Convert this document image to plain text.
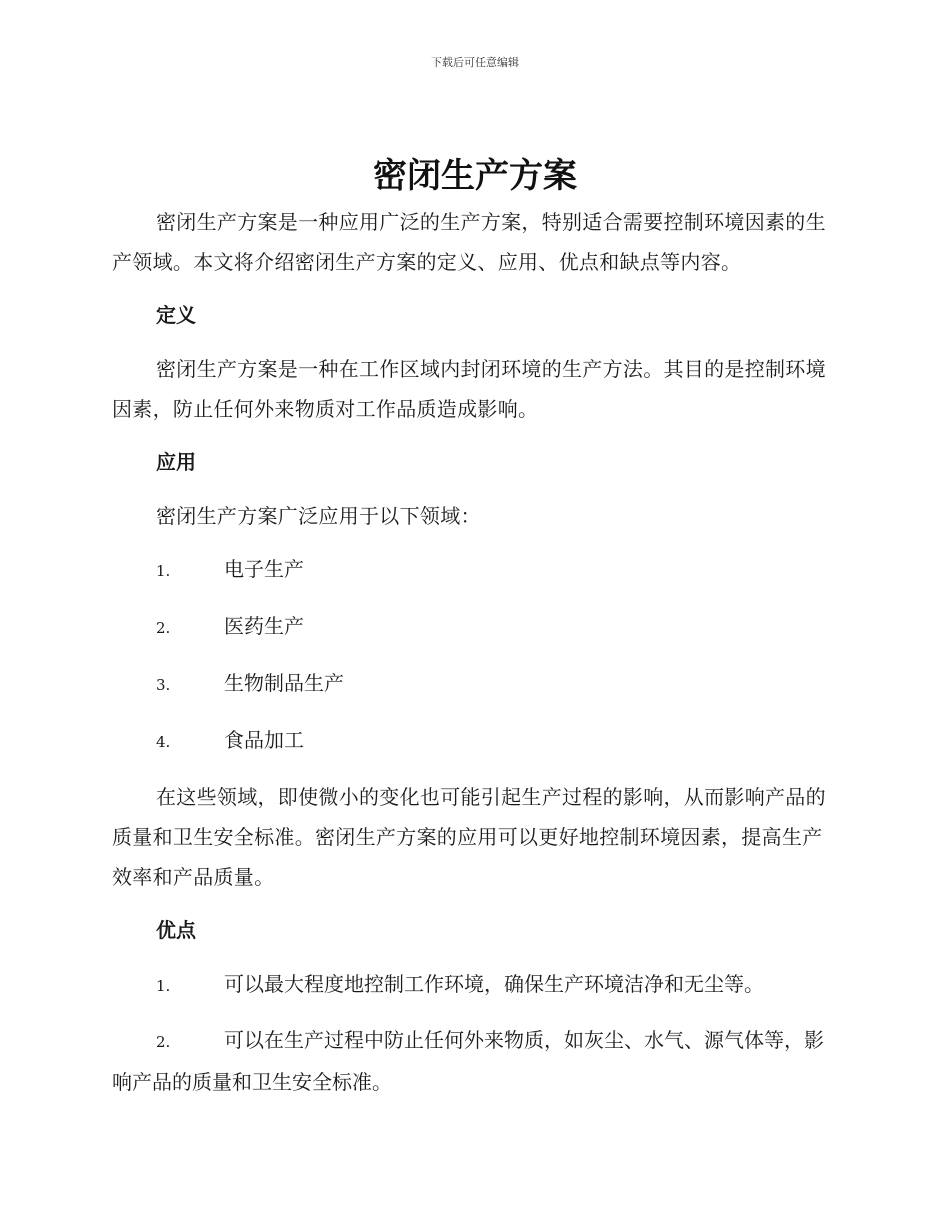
下载后可任意编辑
密闭生产方案

密闭生产方案是一种应用广泛的生产方案，特别适合需要控制环境因素的生产领域。本文将介绍密闭生产方案的定义、应用、优点和缺点等内容。

定义

密闭生产方案是一种在工作区域内封闭环境的生产方法。其目的是控制环境因素，防止任何外来物质对工作品质造成影响。

应用

密闭生产方案广泛应用于以下领域：

1.	电子生产
2.	医药生产
3.	生物制品生产
4.	食品加工

在这些领域，即使微小的变化也可能引起生产过程的影响，从而影响产品的质量和卫生安全标准。密闭生产方案的应用可以更好地控制环境因素，提高生产效率和产品质量。

优点

1.	可以最大程度地控制工作环境，确保生产环境洁净和无尘等。

2.	可以在生产过程中防止任何外来物质，如灰尘、水气、源气体等，影响产品的质量和卫生安全标准。
